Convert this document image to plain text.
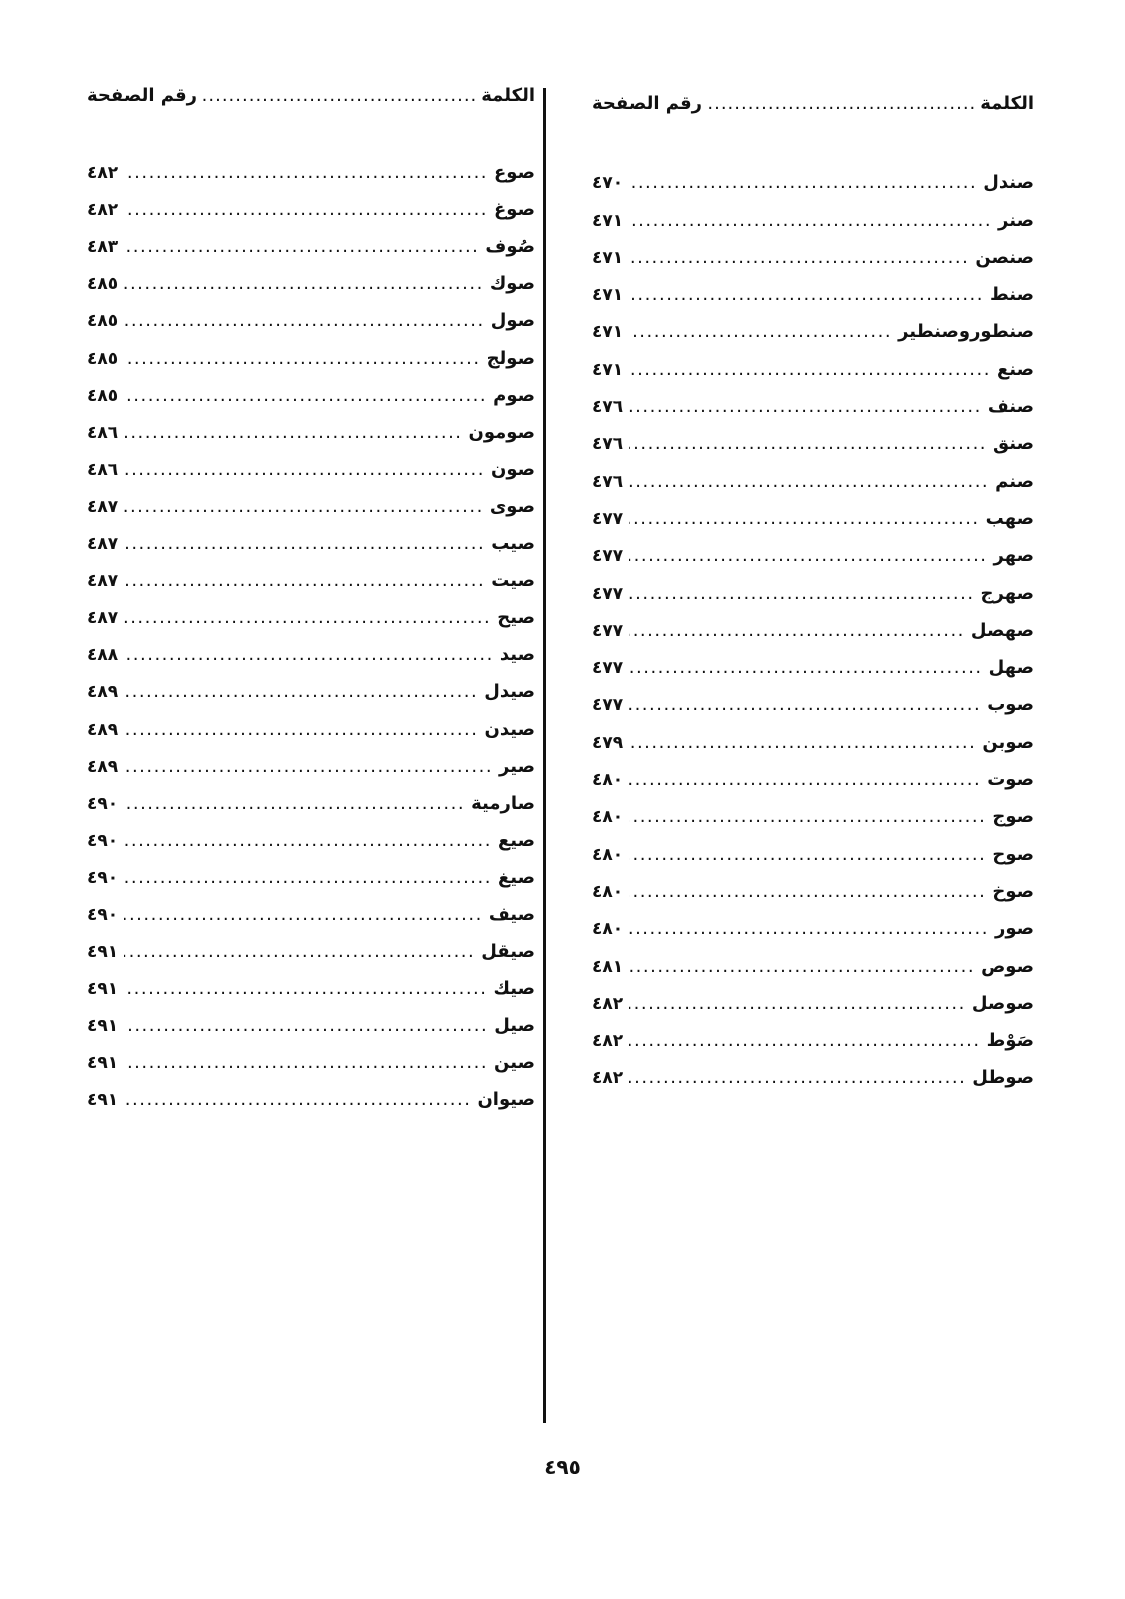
الكلمة
.....
رقم الصفحة
صندل
.....
٤٧٠
صنر
.....
٤٧١
صنصن
.....
٤٧١
صنط
.....
٤٧١
صنطوروصنطير
.....
٤٧١
صنع
.....
٤٧١
صنف
.....
٤٧٦
صنق
.....
٤٧٦
صنم
.....
٤٧٦
صهب
.....
٤٧٧
صهر
.....
٤٧٧
صهرج
.....
٤٧٧
صهصل
.....
٤٧٧
صهل
.....
٤٧٧
صوب
.....
٤٧٧
صوبن
.....
٤٧٩
صوت
.....
٤٨٠
صوج
.....
٤٨٠
صوح
.....
٤٨٠
صوخ
.....
٤٨٠
صور
.....
٤٨٠
صوص
.....
٤٨١
صوصل
.....
٤٨٢
صَوْط
.....
٤٨٢
صوطل
.....
٤٨٢
الكلمة
.....
رقم الصفحة
صوع
.....
٤٨٢
صوغ
.....
٤٨٢
صُوف
.....
٤٨٣
صوك
.....
٤٨٥
صول
.....
٤٨٥
صولج
.....
٤٨٥
صوم
.....
٤٨٥
صومون
.....
٤٨٦
صون
.....
٤٨٦
صوى
.....
٤٨٧
صيب
.....
٤٨٧
صيت
.....
٤٨٧
صيح
.....
٤٨٧
صيد
.....
٤٨٨
صيدل
.....
٤٨٩
صيدن
.....
٤٨٩
صير
.....
٤٨٩
صارمية
.....
٤٩٠
صيع
.....
٤٩٠
صيغ
.....
٤٩٠
صيف
.....
٤٩٠
صيقل
.....
٤٩١
صيك
.....
٤٩١
صيل
.....
٤٩١
صين
.....
٤٩١
صيوان
.....
٤٩١
٤٩٥
